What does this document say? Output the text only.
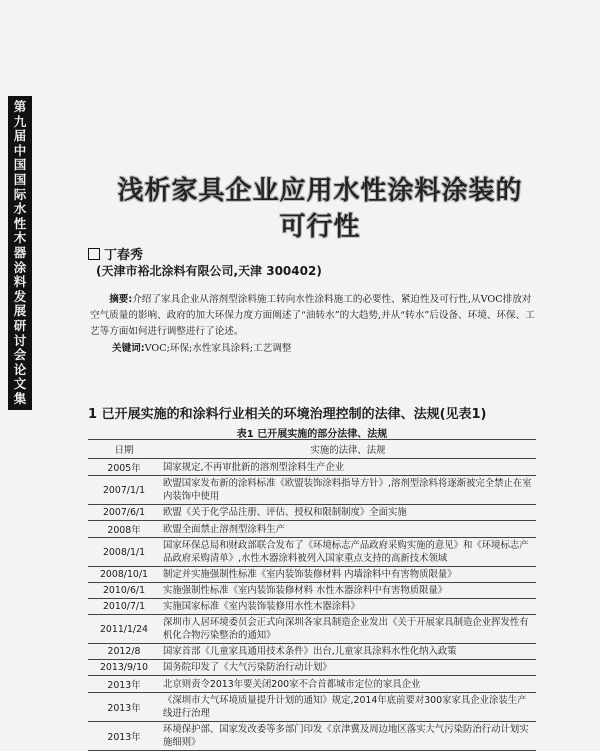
第
九
届
中
国
国
际
水
性
木
器
涂
料
发
展
研
讨
会
论
文
集
浅析家具企业应用水性涂料涂装的
可行性
丁春秀
(天津市裕北涂料有限公司,天津 300402)
摘要:介绍了家具企业从溶剂型涂料施工转向水性涂料施工的必要性、紧迫性及可行性,从VOC排放对空气质量的影响、政府的加大环保力度方面阐述了“油转水”的大趋势,并从“转水”后设备、环境、环保、工艺等方面如何进行调整进行了论述。
关键词:VOC;环保;水性家具涂料;工艺调整
1 已开展实施的和涂料行业相关的环境治理控制的法律、法规(见表1)
表1 已开展实施的部分法律、法规
日期	实施的法律、法规
2005年	国家规定,不再审批新的溶剂型涂料生产企业
2007/1/1	欧盟国家发布新的涂料标准《欧盟装饰涂料指导方针》,溶剂型涂料将逐渐被完全禁止在室内装饰中使用
2007/6/1	欧盟《关于化学品注册、评估、授权和限制制度》全面实施
2008年	欧盟全面禁止溶剂型涂料生产
2008/1/1	国家环保总局和财政部联合发布了《环境标志产品政府采购实施的意见》和《环境标志产品政府采购清单》,水性木器涂料被列入国家重点支持的高新技术领域
2008/10/1	制定并实施强制性标准《室内装饰装修材料 内墙涂料中有害物质限量》
2010/6/1	实施强制性标准《室内装饰装修材料 水性木器涂料中有害物质限量》
2010/7/1	实施国家标准《室内装饰装修用水性木器涂料》
2011/1/24	深圳市人居环境委员会正式向深圳各家具制造企业发出《关于开展家具制造企业挥发性有机化合物污染整治的通知》
2012/8	国家首部《儿童家具通用技术条件》出台,儿童家具涂料水性化纳入政策
2013/9/10	国务院印发了《大气污染防治行动计划》
2013年	北京则责令2013年要关闭200家不合首都城市定位的家具企业
2013年	《深圳市大气环境质量提升计划的通知》规定,2014年底前要对300家家具企业涂装生产线进行治理
2013年	环境保护部、国家发改委等多部门印发《京津冀及周边地区落实大气污染防治行动计划实施细则》
